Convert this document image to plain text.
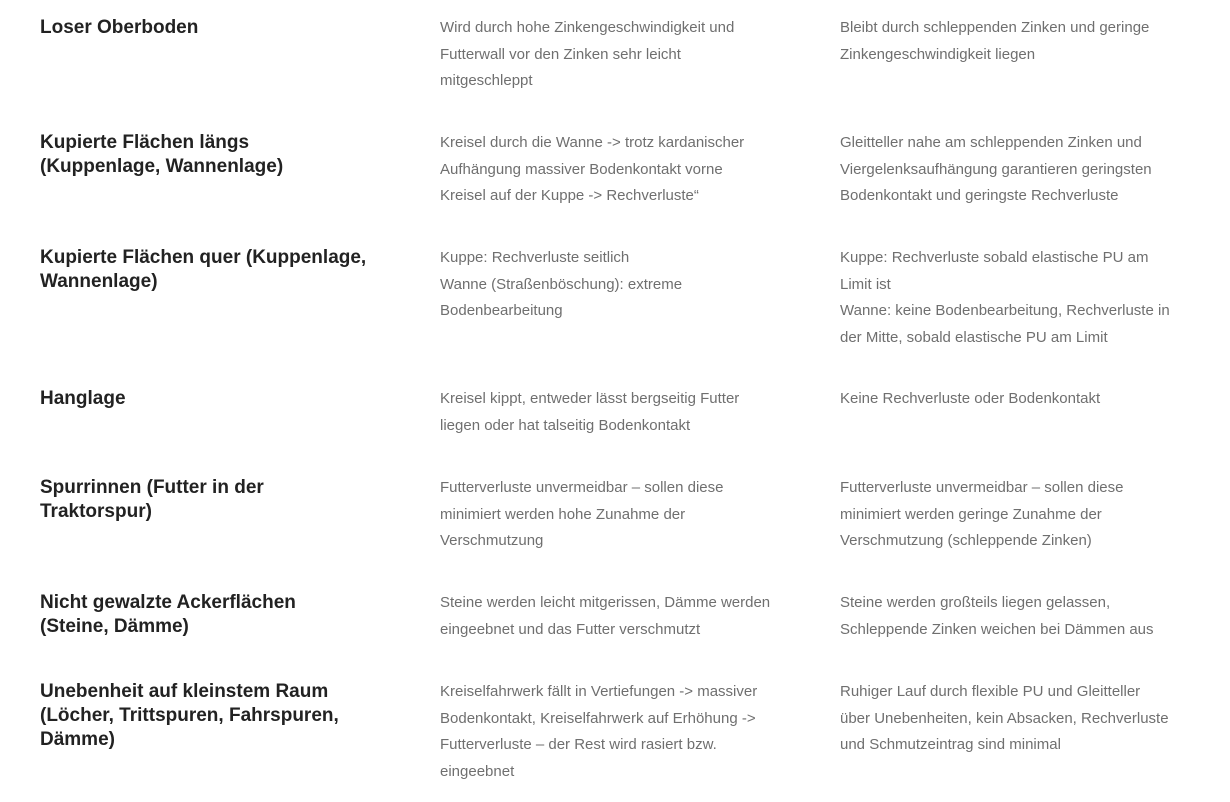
Loser Oberboden	Wird durch hohe Zinkengeschwindigkeit und
Futterwall vor den Zinken sehr leicht
mitgeschleppt

Bleibt durch schleppenden Zinken und geringe
Zinkengeschwindigkeit liegen

Kupierte Flächen längs (Kuppenlage, Wannenlage)

Kreisel durch die Wanne -> trotz kardanischer
Aufhängung massiver Bodenkontakt vorne
Kreisel auf der Kuppe -> Rechverluste“

Gleitteller nahe am schleppenden Zinken und
Viergelenksaufhängung garantieren geringsten
Bodenkontakt und geringste Rechverluste

Kupierte Flächen quer (Kuppenlage, Wannenlage)

Kuppe: Rechverluste seitlich
Wanne (Straßenböschung): extreme
Bodenbearbeitung

Kuppe: Rechverluste sobald elastische PU am
Limit ist
Wanne: keine Bodenbearbeitung, Rechverluste in
der Mitte, sobald elastische PU am Limit

Hanglage	Kreisel kippt, entweder lässt bergseitig Futter
liegen oder hat talseitig Bodenkontakt

Keine Rechverluste oder Bodenkontakt

Spurrinnen (Futter in der Traktorspur)

Futterverluste unvermeidbar – sollen diese
minimiert werden hohe Zunahme der
Verschmutzung

Futterverluste unvermeidbar – sollen diese
minimiert werden geringe Zunahme der
Verschmutzung (schleppende Zinken)

Nicht gewalzte Ackerflächen (Steine, Dämme)

Steine werden leicht mitgerissen, Dämme werden
eingeebnet und das Futter verschmutzt

Steine werden großteils liegen gelassen,
Schleppende Zinken weichen bei Dämmen aus

Unebenheit auf kleinstem Raum (Löcher, Trittspuren, Fahrspuren, Dämme)

Kreiselfahrwerk fällt in Vertiefungen -> massiver
Bodenkontakt, Kreiselfahrwerk auf Erhöhung ->
Futterverluste – der Rest wird rasiert bzw.
eingeebnet

Ruhiger Lauf durch flexible PU und Gleitteller
über Unebenheiten, kein Absacken, Rechverluste
und Schmutzeintrag sind minimal
